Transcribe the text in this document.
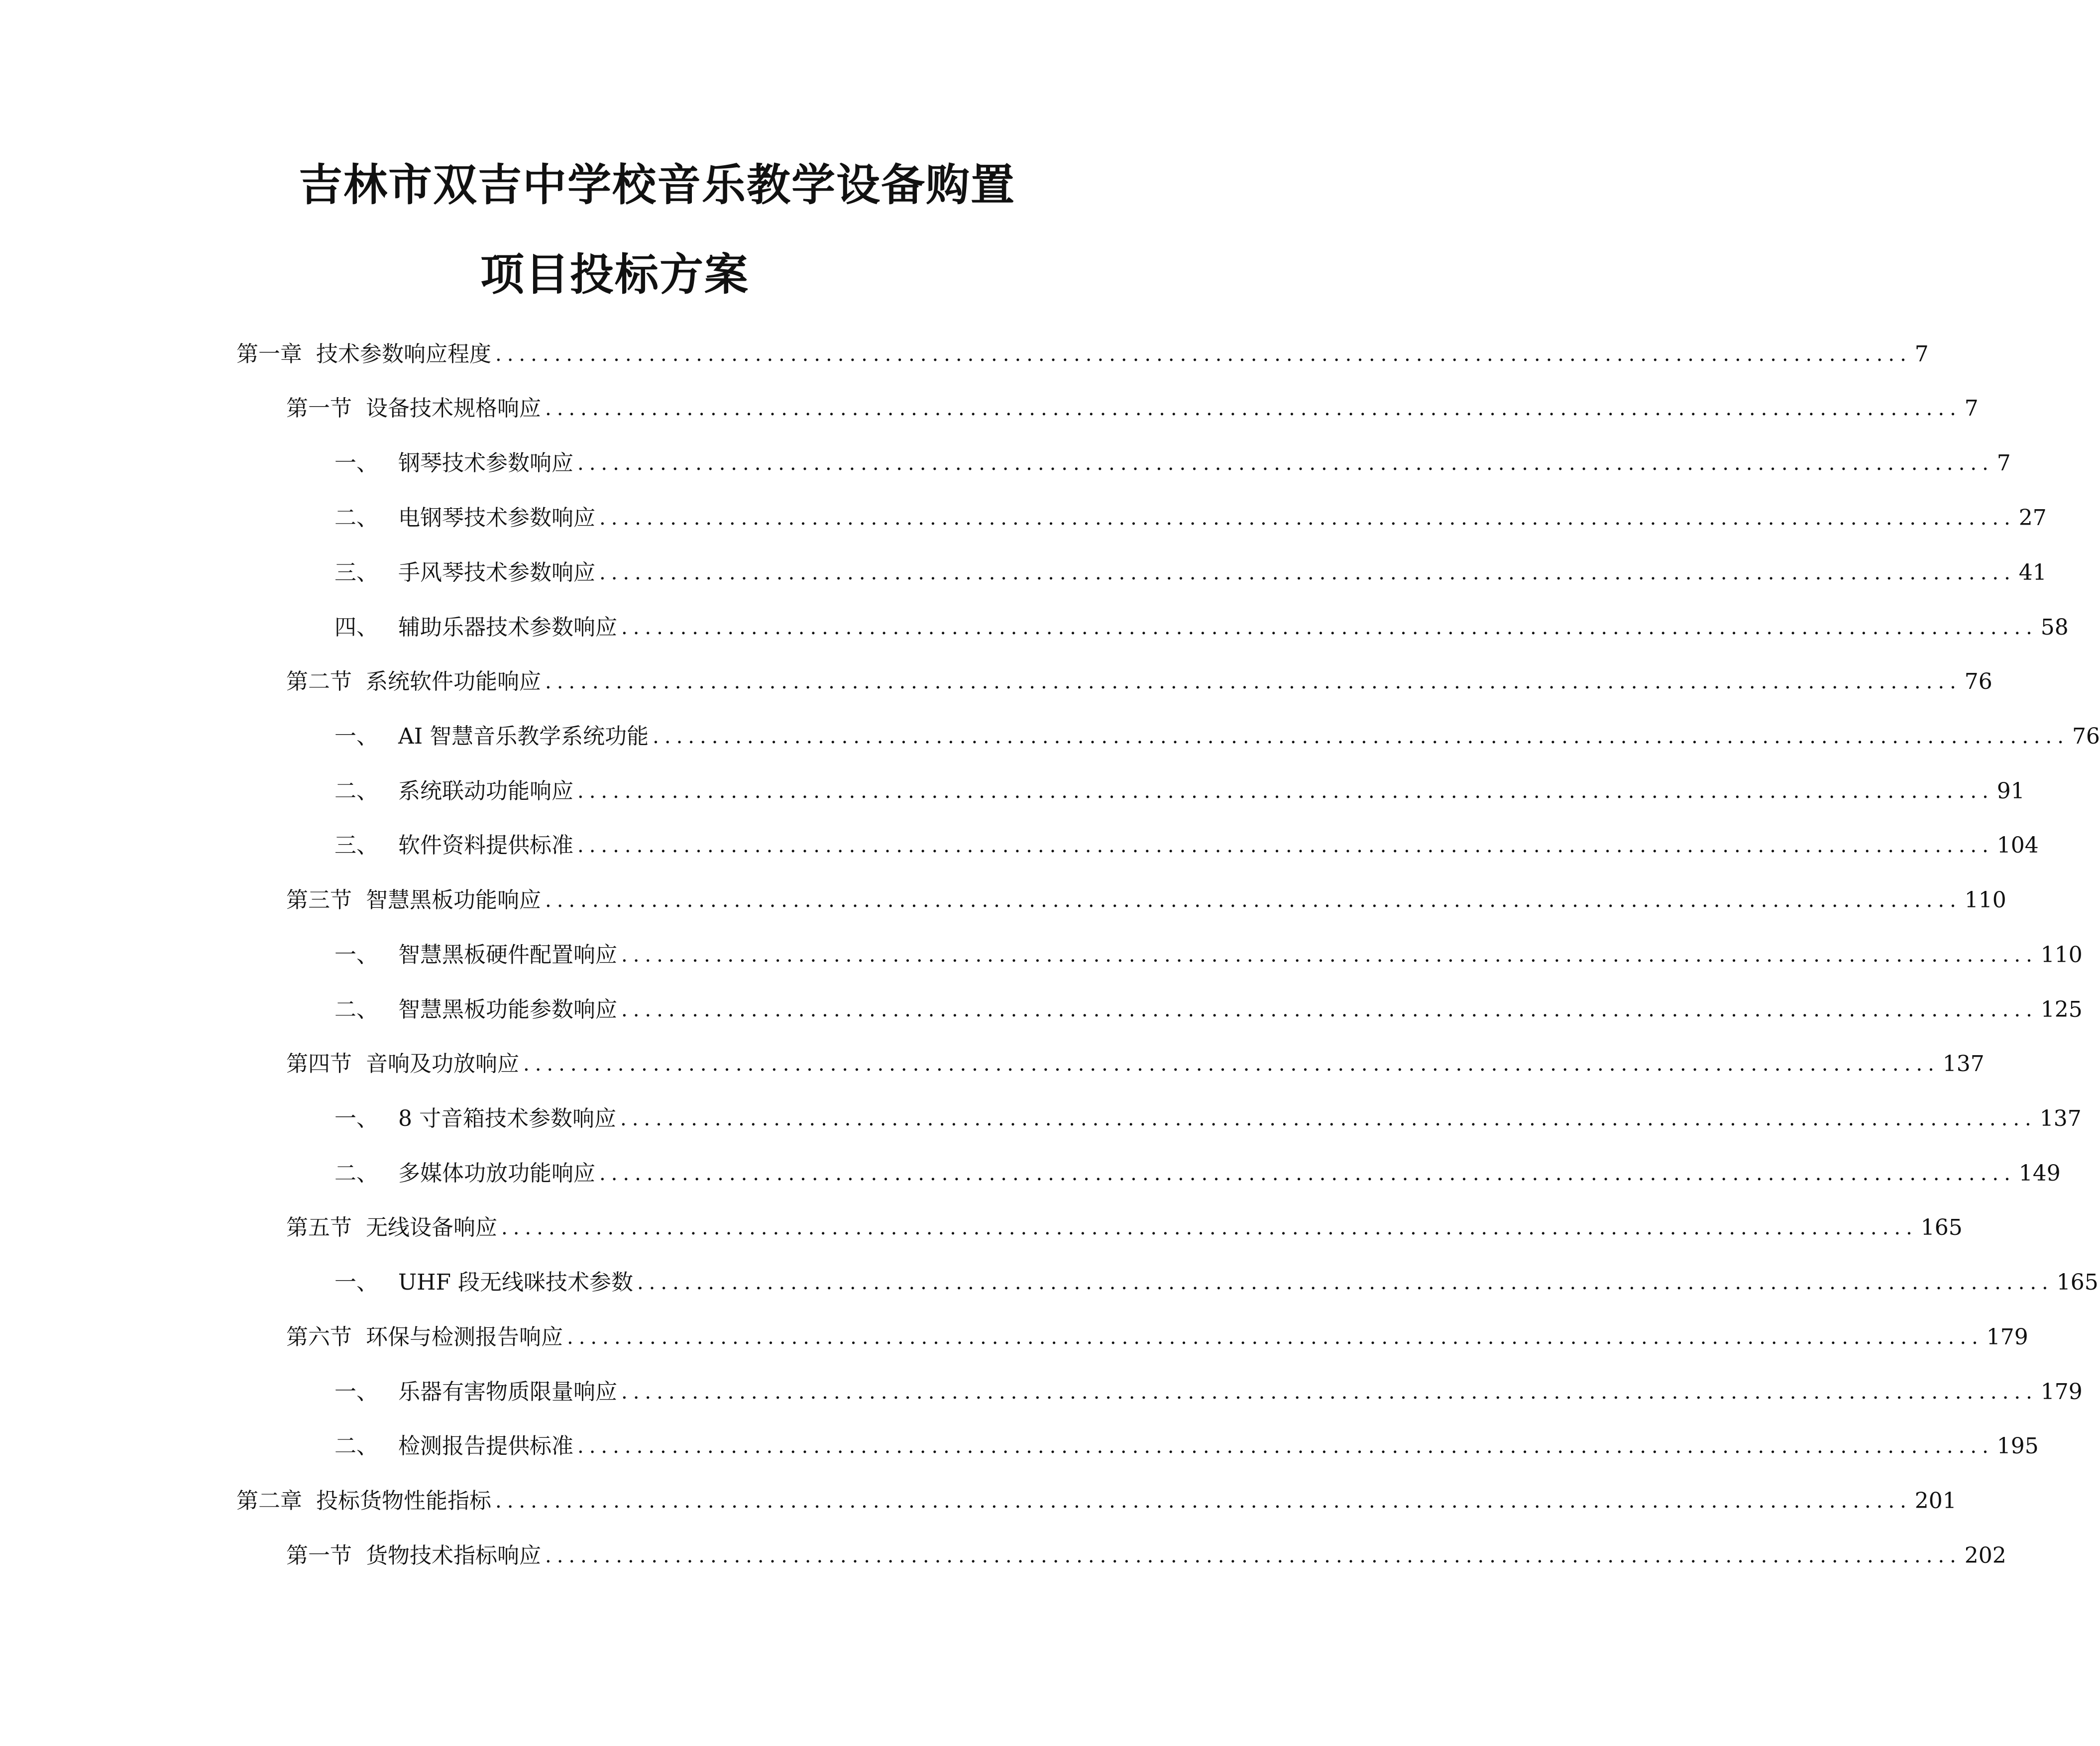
吉林市双吉中学校音乐教学设备购置
项目投标方案
第一章 技术参数响应程度 ........................................................................................................................ 7
第一节 设备技术规格响应 ........................................................................................................................ 7
一、 钢琴技术参数响应 ........................................................................................................................ 7
二、 电钢琴技术参数响应 ........................................................................................................................ 27
三、 手风琴技术参数响应 ........................................................................................................................ 41
四、 辅助乐器技术参数响应 ........................................................................................................................ 58
第二节 系统软件功能响应 ........................................................................................................................ 76
一、 AI 智慧音乐教学系统功能 ........................................................................................................................ 76
二、 系统联动功能响应 ........................................................................................................................ 91
三、 软件资料提供标准 ........................................................................................................................ 104
第三节 智慧黑板功能响应 ........................................................................................................................ 110
一、 智慧黑板硬件配置响应 ........................................................................................................................ 110
二、 智慧黑板功能参数响应 ........................................................................................................................ 125
第四节 音响及功放响应 ........................................................................................................................ 137
一、 8 寸音箱技术参数响应 ........................................................................................................................ 137
二、 多媒体功放功能响应 ........................................................................................................................ 149
第五节 无线设备响应 ........................................................................................................................ 165
一、 UHF 段无线咪技术参数 ........................................................................................................................ 165
第六节 环保与检测报告响应 ........................................................................................................................ 179
一、 乐器有害物质限量响应 ........................................................................................................................ 179
二、 检测报告提供标准 ........................................................................................................................ 195
第二章 投标货物性能指标 ........................................................................................................................ 201
第一节 货物技术指标响应 ........................................................................................................................ 202
